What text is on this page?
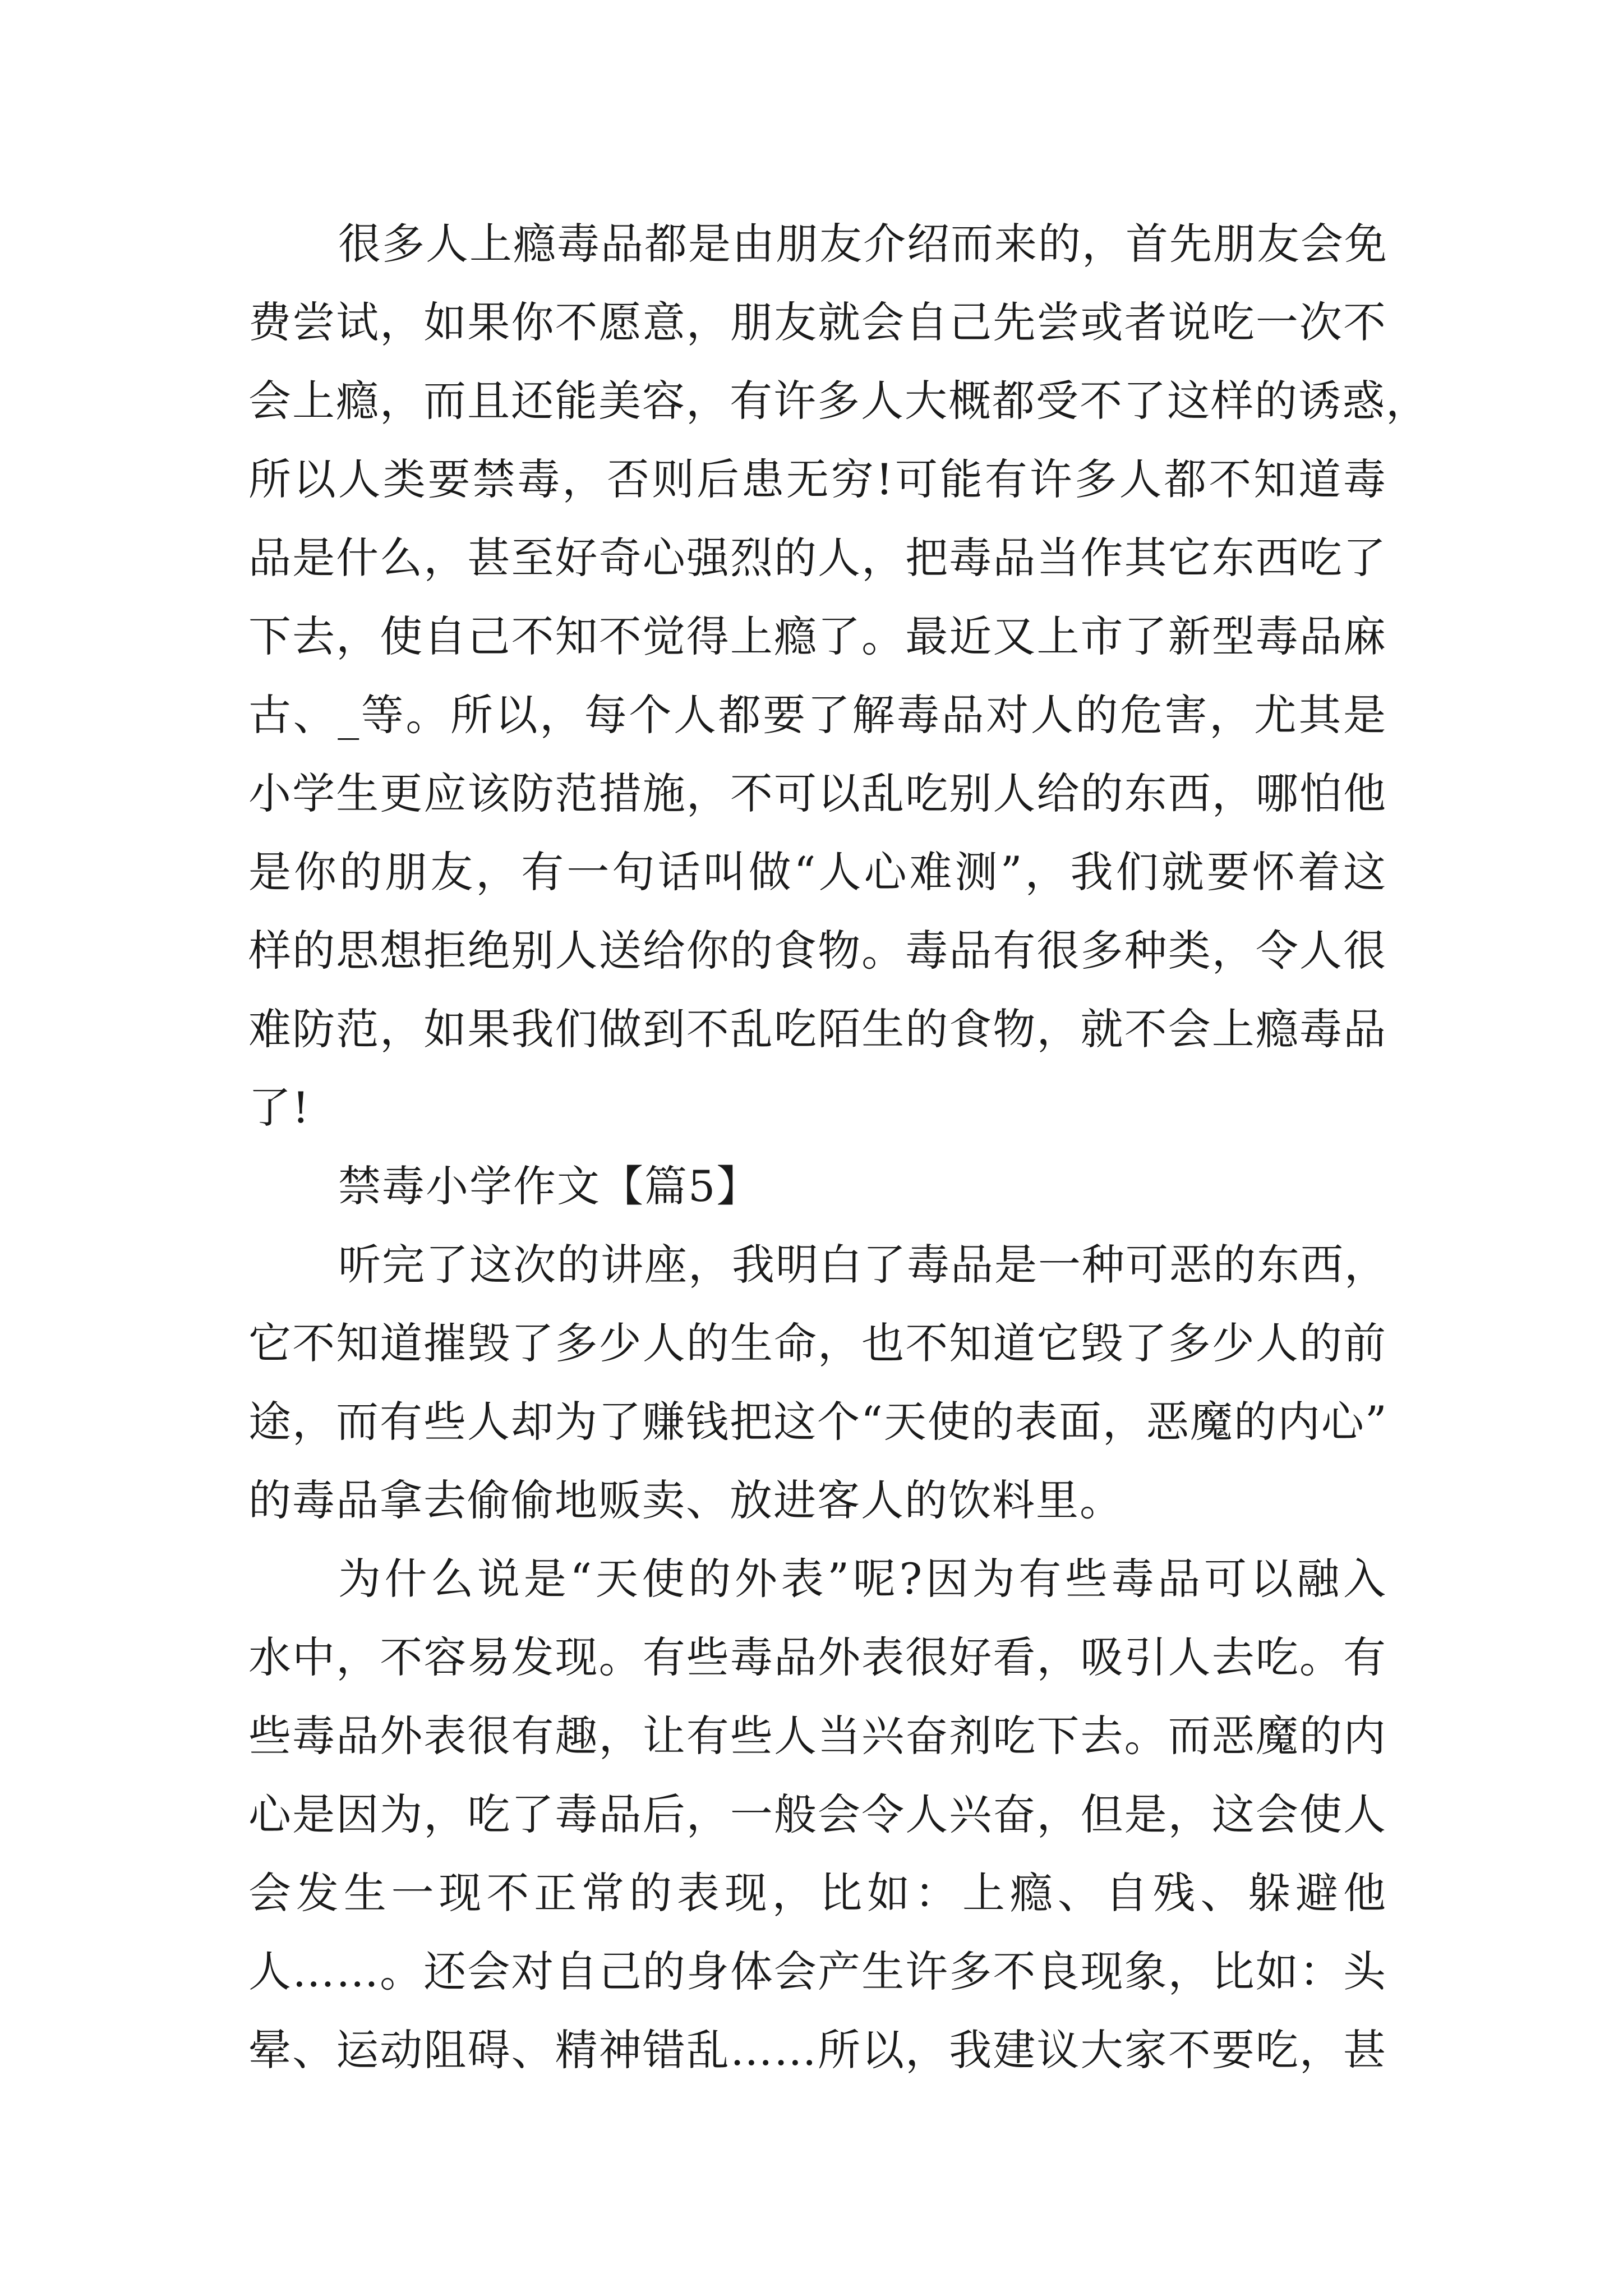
很多人上瘾毒品都是由朋友介绍而来的，首先朋友会免
费尝试，如果你不愿意，朋友就会自己先尝或者说吃一次不
会上瘾，而且还能美容，有许多人大概都受不了这样的诱惑，
所以人类要禁毒，否则后患无穷!可能有许多人都不知道毒
品是什么，甚至好奇心强烈的人，把毒品当作其它东西吃了
下去，使自己不知不觉得上瘾了。最近又上市了新型毒品麻
古、_等。所以，每个人都要了解毒品对人的危害，尤其是
小学生更应该防范措施，不可以乱吃别人给的东西，哪怕他
是你的朋友，有一句话叫做“人心难测”，我们就要怀着这
样的思想拒绝别人送给你的食物。毒品有很多种类，令人很
难防范，如果我们做到不乱吃陌生的食物，就不会上瘾毒品
了!
禁毒小学作文【篇5】
听完了这次的讲座，我明白了毒品是一种可恶的东西，
它不知道摧毁了多少人的生命，也不知道它毁了多少人的前
途，而有些人却为了赚钱把这个“天使的表面，恶魔的内心”
的毒品拿去偷偷地贩卖、放进客人的饮料里。
为什么说是“天使的外表”呢?因为有些毒品可以融入
水中，不容易发现。有些毒品外表很好看，吸引人去吃。有
些毒品外表很有趣，让有些人当兴奋剂吃下去。而恶魔的内
心是因为，吃了毒品后，一般会令人兴奋，但是，这会使人
会发生一现不正常的表现，比如：上瘾、自残、躲避他
人……。还会对自己的身体会产生许多不良现象，比如：头
晕、运动阻碍、精神错乱……所以，我建议大家不要吃，甚
